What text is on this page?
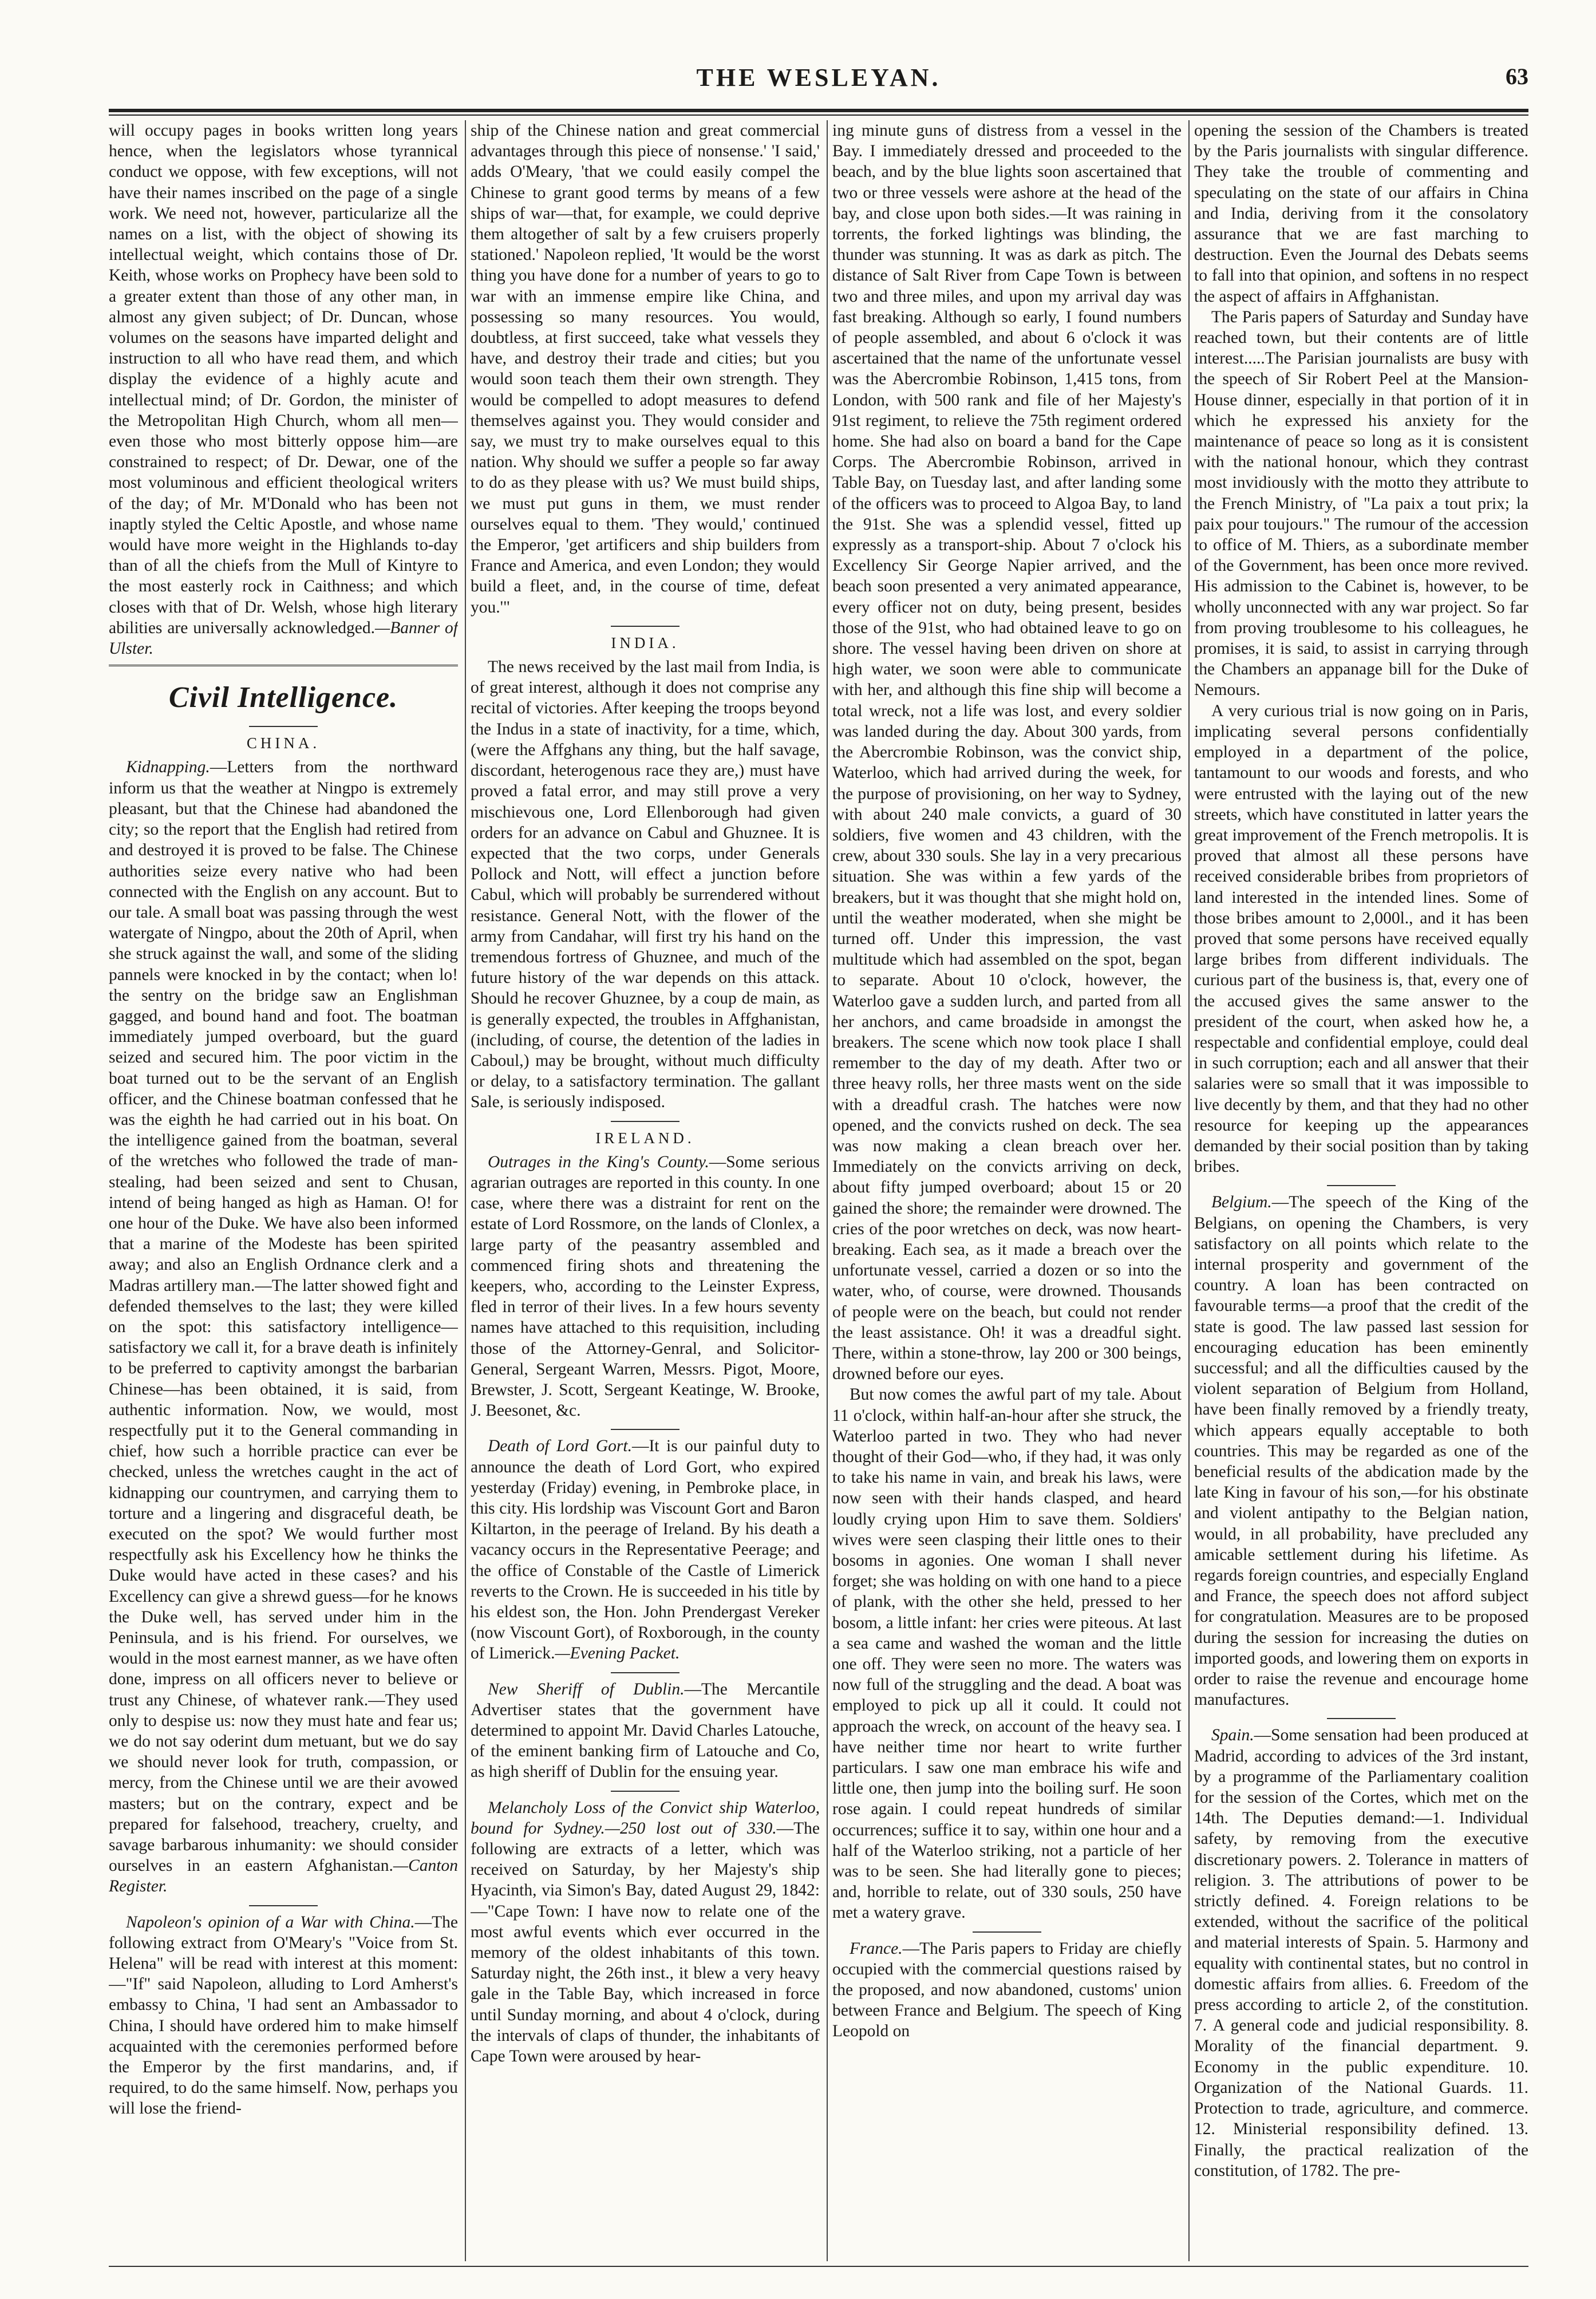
THE WESLEYAN.	63

will occupy pages in books written long years hence, when the legislators whose tyrannical conduct we oppose, with few exceptions, will not have their names inscribed on the page of a single work. We need not, however, particularize all the names on a list, with the object of showing its intellectual weight, which contains those of Dr. Keith, whose works on Prophecy have been sold to a greater extent than those of any other man, in almost any given subject; of Dr. Duncan, whose volumes on the seasons have imparted delight and instruction to all who have read them, and which display the evidence of a highly acute and intellectual mind; of Dr. Gordon, the minister of the Metropolitan High Church, whom all men—even those who most bitterly oppose him—are constrained to respect; of Dr. Dewar, one of the most voluminous and efficient theological writers of the day; of Mr. M'Donald who has been not inaptly styled the Celtic Apostle, and whose name would have more weight in the Highlands to-day than of all the chiefs from the Mull of Kintyre to the most easterly rock in Caithness; and which closes with that of Dr. Welsh, whose high literary abilities are universally acknowledged.—Banner of Ulster.

Civil Intelligence.
CHINA.

Kidnapping.—Letters from the northward inform us that the weather at Ningpo is extremely pleasant, but that the Chinese had abandoned the city; so the report that the English had retired from and destroyed it is proved to be false. The Chinese authorities seize every native who had been connected with the English on any account. But to our tale. A small boat was passing through the west watergate of Ningpo, about the 20th of April, when she struck against the wall, and some of the sliding pannels were knocked in by the contact; when lo! the sentry on the bridge saw an Englishman gagged, and bound hand and foot. The boatman immediately jumped overboard, but the guard seized and secured him. The poor victim in the boat turned out to be the servant of an English officer, and the Chinese boatman confessed that he was the eighth he had carried out in his boat. On the intelligence gained from the boatman, several of the wretches who followed the trade of man-stealing, had been seized and sent to Chusan, intend of being hanged as high as Haman. O! for one hour of the Duke. We have also been informed that a marine of the Modeste has been spirited away; and also an English Ordnance clerk and a Madras artillery man.—The latter showed fight and defended themselves to the last; they were killed on the spot: this satisfactory intelligence—satisfactory we call it, for a brave death is infinitely to be preferred to captivity amongst the barbarian Chinese—has been obtained, it is said, from authentic information. Now, we would, most respectfully put it to the General commanding in chief, how such a horrible practice can ever be checked, unless the wretches caught in the act of kidnapping our countrymen, and carrying them to torture and a lingering and disgraceful death, be executed on the spot? We would further most respectfully ask his Excellency how he thinks the Duke would have acted in these cases? and his Excellency can give a shrewd guess—for he knows the Duke well, has served under him in the Peninsula, and is his friend. For ourselves, we would in the most earnest manner, as we have often done, impress on all officers never to believe or trust any Chinese, of whatever rank.—They used only to despise us: now they must hate and fear us; we do not say oderint dum metuant, but we do say we should never look for truth, compassion, or mercy, from the Chinese until we are their avowed masters; but on the contrary, expect and be prepared for falsehood, treachery, cruelty, and savage barbarous inhumanity: we should consider ourselves in an eastern Afghanistan.—Canton Register.

Napoleon's opinion of a War with China.—The following extract from O'Meary's "Voice from St. Helena" will be read with interest at this moment:—"If" said Napoleon, alluding to Lord Amherst's embassy to China, 'I had sent an Ambassador to China, I should have ordered him to make himself acquainted with the ceremonies performed before the Emperor by the first mandarins, and, if required, to do the same himself. Now, perhaps you will lose the friend-

ship of the Chinese nation and great commercial advantages through this piece of nonsense.' 'I said,' adds O'Meary, 'that we could easily compel the Chinese to grant good terms by means of a few ships of war—that, for example, we could deprive them altogether of salt by a few cruisers properly stationed.' Napoleon replied, 'It would be the worst thing you have done for a number of years to go to war with an immense empire like China, and possessing so many resources. You would, doubtless, at first succeed, take what vessels they have, and destroy their trade and cities; but you would soon teach them their own strength. They would be compelled to adopt measures to defend themselves against you. They would consider and say, we must try to make ourselves equal to this nation. Why should we suffer a people so far away to do as they please with us? We must build ships, we must put guns in them, we must render ourselves equal to them. 'They would,' continued the Emperor, 'get artificers and ship builders from France and America, and even London; they would build a fleet, and, in the course of time, defeat you.'"

INDIA.

The news received by the last mail from India, is of great interest, although it does not comprise any recital of victories. After keeping the troops beyond the Indus in a state of inactivity, for a time, which, (were the Affghans any thing, but the half savage, discordant, heterogenous race they are,) must have proved a fatal error, and may still prove a very mischievous one, Lord Ellenborough had given orders for an advance on Cabul and Ghuznee. It is expected that the two corps, under Generals Pollock and Nott, will effect a junction before Cabul, which will probably be surrendered without resistance. General Nott, with the flower of the army from Candahar, will first try his hand on the tremendous fortress of Ghuznee, and much of the future history of the war depends on this attack. Should he recover Ghuznee, by a coup de main, as is generally expected, the troubles in Affghanistan, (including, of course, the detention of the ladies in Caboul,) may be brought, without much difficulty or delay, to a satisfactory termination. The gallant Sale, is seriously indisposed.

IRELAND.

Outrages in the King's County.—Some serious agrarian outrages are reported in this county. In one case, where there was a distraint for rent on the estate of Lord Rossmore, on the lands of Clonlex, a large party of the peasantry assembled and commenced firing shots and threatening the keepers, who, according to the Leinster Express, fled in terror of their lives. In a few hours seventy names have attached to this requisition, including those of the Attorney-Genral, and Solicitor-General, Sergeant Warren, Messrs. Pigot, Moore, Brewster, J. Scott, Sergeant Keatinge, W. Brooke, J. Beesonet, &c.

Death of Lord Gort.—It is our painful duty to announce the death of Lord Gort, who expired yesterday (Friday) evening, in Pembroke place, in this city. His lordship was Viscount Gort and Baron Kiltarton, in the peerage of Ireland. By his death a vacancy occurs in the Representative Peerage; and the office of Constable of the Castle of Limerick reverts to the Crown. He is succeeded in his title by his eldest son, the Hon. John Prendergast Vereker (now Viscount Gort), of Roxborough, in the county of Limerick.—Evening Packet.

New Sheriff of Dublin.—The Mercantile Advertiser states that the government have determined to appoint Mr. David Charles Latouche, of the eminent banking firm of Latouche and Co, as high sheriff of Dublin for the ensuing year.

Melancholy Loss of the Convict ship Waterloo, bound for Sydney.—250 lost out of 330.—The following are extracts of a letter, which was received on Saturday, by her Majesty's ship Hyacinth, via Simon's Bay, dated August 29, 1842:—"Cape Town: I have now to relate one of the most awful events which ever occurred in the memory of the oldest inhabitants of this town. Saturday night, the 26th inst., it blew a very heavy gale in the Table Bay, which increased in force until Sunday morning, and about 4 o'clock, during the intervals of claps of thunder, the inhabitants of Cape Town were aroused by hear-

ing minute guns of distress from a vessel in the Bay. I immediately dressed and proceeded to the beach, and by the blue lights soon ascertained that two or three vessels were ashore at the head of the bay, and close upon both sides.—It was raining in torrents, the forked lightings was blinding, the thunder was stunning. It was as dark as pitch. The distance of Salt River from Cape Town is between two and three miles, and upon my arrival day was fast breaking. Although so early, I found numbers of people assembled, and about 6 o'clock it was ascertained that the name of the unfortunate vessel was the Abercrombie Robinson, 1,415 tons, from London, with 500 rank and file of her Majesty's 91st regiment, to relieve the 75th regiment ordered home. She had also on board a band for the Cape Corps. The Abercrombie Robinson, arrived in Table Bay, on Tuesday last, and after landing some of the officers was to proceed to Algoa Bay, to land the 91st. She was a splendid vessel, fitted up expressly as a transport-ship. About 7 o'clock his Excellency Sir George Napier arrived, and the beach soon presented a very animated appearance, every officer not on duty, being present, besides those of the 91st, who had obtained leave to go on shore. The vessel having been driven on shore at high water, we soon were able to communicate with her, and although this fine ship will become a total wreck, not a life was lost, and every soldier was landed during the day. About 300 yards, from the Abercrombie Robinson, was the convict ship, Waterloo, which had arrived during the week, for the purpose of provisioning, on her way to Sydney, with about 240 male convicts, a guard of 30 soldiers, five women and 43 children, with the crew, about 330 souls. She lay in a very precarious situation. She was within a few yards of the breakers, but it was thought that she might hold on, until the weather moderated, when she might be turned off. Under this impression, the vast multitude which had assembled on the spot, began to separate. About 10 o'clock, however, the Waterloo gave a sudden lurch, and parted from all her anchors, and came broadside in amongst the breakers. The scene which now took place I shall remember to the day of my death. After two or three heavy rolls, her three masts went on the side with a dreadful crash. The hatches were now opened, and the convicts rushed on deck. The sea was now making a clean breach over her. Immediately on the convicts arriving on deck, about fifty jumped overboard; about 15 or 20 gained the shore; the remainder were drowned. The cries of the poor wretches on deck, was now heart-breaking. Each sea, as it made a breach over the unfortunate vessel, carried a dozen or so into the water, who, of course, were drowned. Thousands of people were on the beach, but could not render the least assistance. Oh! it was a dreadful sight. There, within a stone-throw, lay 200 or 300 beings, drowned before our eyes.

But now comes the awful part of my tale. About 11 o'clock, within half-an-hour after she struck, the Waterloo parted in two. They who had never thought of their God—who, if they had, it was only to take his name in vain, and break his laws, were now seen with their hands clasped, and heard loudly crying upon Him to save them. Soldiers' wives were seen clasping their little ones to their bosoms in agonies. One woman I shall never forget; she was holding on with one hand to a piece of plank, with the other she held, pressed to her bosom, a little infant: her cries were piteous. At last a sea came and washed the woman and the little one off. They were seen no more. The waters was now full of the struggling and the dead. A boat was employed to pick up all it could. It could not approach the wreck, on account of the heavy sea. I have neither time nor heart to write further particulars. I saw one man embrace his wife and little one, then jump into the boiling surf. He soon rose again. I could repeat hundreds of similar occurrences; suffice it to say, within one hour and a half of the Waterloo striking, not a particle of her was to be seen. She had literally gone to pieces; and, horrible to relate, out of 330 souls, 250 have met a watery grave.

France.—The Paris papers to Friday are chiefly occupied with the commercial questions raised by the proposed, and now abandoned, customs' union between France and Belgium. The speech of King Leopold on

opening the session of the Chambers is treated by the Paris journalists with singular difference. They take the trouble of commenting and speculating on the state of our affairs in China and India, deriving from it the consolatory assurance that we are fast marching to destruction. Even the Journal des Debats seems to fall into that opinion, and softens in no respect the aspect of affairs in Affghanistan.

The Paris papers of Saturday and Sunday have reached town, but their contents are of little interest.....The Parisian journalists are busy with the speech of Sir Robert Peel at the Mansion-House dinner, especially in that portion of it in which he expressed his anxiety for the maintenance of peace so long as it is consistent with the national honour, which they contrast most invidiously with the motto they attribute to the French Ministry, of "La paix a tout prix; la paix pour toujours." The rumour of the accession to office of M. Thiers, as a subordinate member of the Government, has been once more revived. His admission to the Cabinet is, however, to be wholly unconnected with any war project. So far from proving troublesome to his colleagues, he promises, it is said, to assist in carrying through the Chambers an appanage bill for the Duke of Nemours.

A very curious trial is now going on in Paris, implicating several persons confidentially employed in a department of the police, tantamount to our woods and forests, and who were entrusted with the laying out of the new streets, which have constituted in latter years the great improvement of the French metropolis. It is proved that almost all these persons have received considerable bribes from proprietors of land interested in the intended lines. Some of those bribes amount to 2,000l., and it has been proved that some persons have received equally large bribes from different individuals. The curious part of the business is, that, every one of the accused gives the same answer to the president of the court, when asked how he, a respectable and confidential employe, could deal in such corruption; each and all answer that their salaries were so small that it was impossible to live decently by them, and that they had no other resource for keeping up the appearances demanded by their social position than by taking bribes.

Belgium.—The speech of the King of the Belgians, on opening the Chambers, is very satisfactory on all points which relate to the internal prosperity and government of the country. A loan has been contracted on favourable terms—a proof that the credit of the state is good. The law passed last session for encouraging education has been eminently successful; and all the difficulties caused by the violent separation of Belgium from Holland, have been finally removed by a friendly treaty, which appears equally acceptable to both countries. This may be regarded as one of the beneficial results of the abdication made by the late King in favour of his son,—for his obstinate and violent antipathy to the Belgian nation, would, in all probability, have precluded any amicable settlement during his lifetime. As regards foreign countries, and especially England and France, the speech does not afford subject for congratulation. Measures are to be proposed during the session for increasing the duties on imported goods, and lowering them on exports in order to raise the revenue and encourage home manufactures.

Spain.—Some sensation had been produced at Madrid, according to advices of the 3rd instant, by a programme of the Parliamentary coalition for the session of the Cortes, which met on the 14th. The Deputies demand:—1. Individual safety, by removing from the executive discretionary powers. 2. Tolerance in matters of religion. 3. The attributions of power to be strictly defined. 4. Foreign relations to be extended, without the sacrifice of the political and material interests of Spain. 5. Harmony and equality with continental states, but no control in domestic affairs from allies. 6. Freedom of the press according to article 2, of the constitution. 7. A general code and judicial responsibility. 8. Morality of the financial department. 9. Economy in the public expenditure. 10. Organization of the National Guards. 11. Protection to trade, agriculture, and commerce. 12. Ministerial responsibility defined. 13. Finally, the practical realization of the constitution, of 1782. The pre-
